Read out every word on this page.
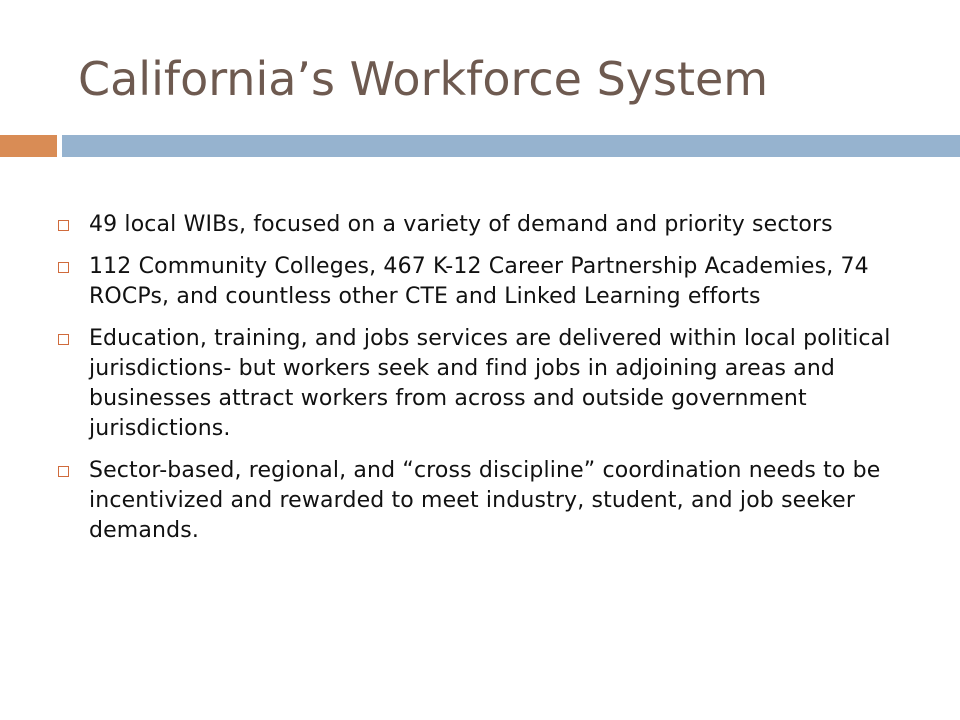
California’s Workforce System
49 local WIBs, focused on a variety of demand and priority sectors
112 Community Colleges, 467 K-12 Career Partnership Academies, 74 ROCPs, and countless other CTE and Linked Learning efforts
Education, training, and jobs services are delivered within local political jurisdictions- but workers seek and find jobs in adjoining areas and businesses attract workers from across and outside government jurisdictions.
Sector-based, regional, and “cross discipline” coordination needs to be incentivized and rewarded to meet industry, student, and job seeker demands.
